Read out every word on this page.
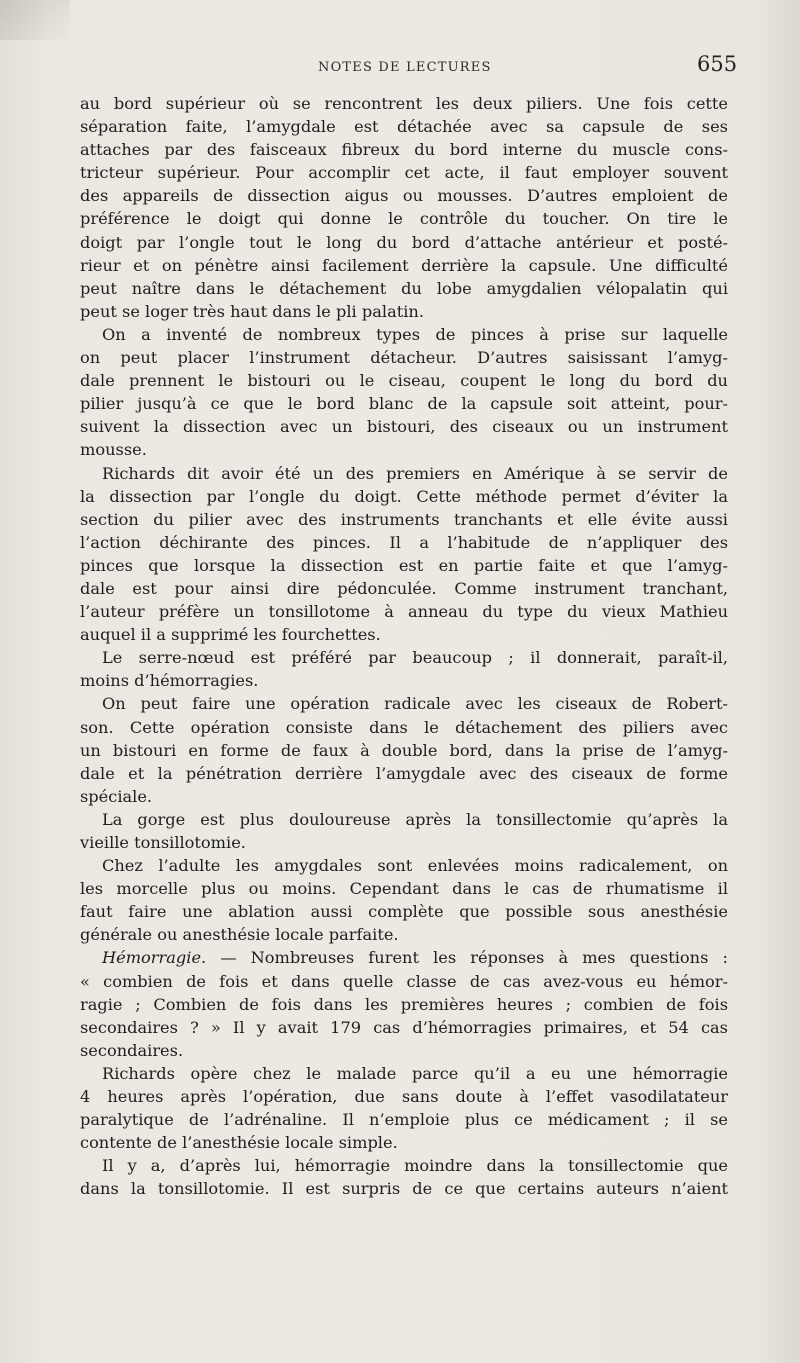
NOTES DE LECTURES	655
au bord supérieur où se rencontrent les deux piliers. Une fois cette
séparation faite, l’amygdale est détachée avec sa capsule de ses
attaches par des faisceaux fibreux du bord interne du muscle cons-
tricteur supérieur. Pour accomplir cet acte, il faut employer souvent
des appareils de dissection aigus ou mousses. D’autres emploient de
préférence le doigt qui donne le contrôle du toucher. On tire le
doigt par l’ongle tout le long du bord d’attache antérieur et posté-
rieur et on pénètre ainsi facilement derrière la capsule. Une difficulté
peut naître dans le détachement du lobe amygdalien vélopalatin qui
peut se loger très haut dans le pli palatin.
On a inventé de nombreux types de pinces à prise sur laquelle
on peut placer l’instrument détacheur. D’autres saisissant l’amyg-
dale prennent le bistouri ou le ciseau, coupent le long du bord du
pilier jusqu’à ce que le bord blanc de la capsule soit atteint, pour-
suivent la dissection avec un bistouri, des ciseaux ou un instrument
mousse.
Richards dit avoir été un des premiers en Amérique à se servir de
la dissection par l’ongle du doigt. Cette méthode permet d’éviter la
section du pilier avec des instruments tranchants et elle évite aussi
l’action déchirante des pinces. Il a l’habitude de n’appliquer des
pinces que lorsque la dissection est en partie faite et que l’amyg-
dale est pour ainsi dire pédonculée. Comme instrument tranchant,
l’auteur préfère un tonsillotome à anneau du type du vieux Mathieu
auquel il a supprimé les fourchettes.
Le serre-nœud est préféré par beaucoup ; il donnerait, paraît-il,
moins d’hémorragies.
On peut faire une opération radicale avec les ciseaux de Robert-
son. Cette opération consiste dans le détachement des piliers avec
un bistouri en forme de faux à double bord, dans la prise de l’amyg-
dale et la pénétration derrière l’amygdale avec des ciseaux de forme
spéciale.
La gorge est plus douloureuse après la tonsillectomie qu’après la
vieille tonsillotomie.
Chez l’adulte les amygdales sont enlevées moins radicalement, on
les morcelle plus ou moins. Cependant dans le cas de rhumatisme il
faut faire une ablation aussi complète que possible sous anesthésie
générale ou anesthésie locale parfaite.
Hémorragie. — Nombreuses furent les réponses à mes questions :
« combien de fois et dans quelle classe de cas avez-vous eu hémor-
ragie ; Combien de fois dans les premières heures ; combien de fois
secondaires ? » Il y avait 179 cas d’hémorragies primaires, et 54 cas
secondaires.
Richards opère chez le malade parce qu’il a eu une hémorragie
4 heures après l’opération, due sans doute à l’effet vasodilatateur
paralytique de l’adrénaline. Il n’emploie plus ce médicament ; il se
contente de l’anesthésie locale simple.
Il y a, d’après lui, hémorragie moindre dans la tonsillectomie que
dans la tonsillotomie. Il est surpris de ce que certains auteurs n’aient
